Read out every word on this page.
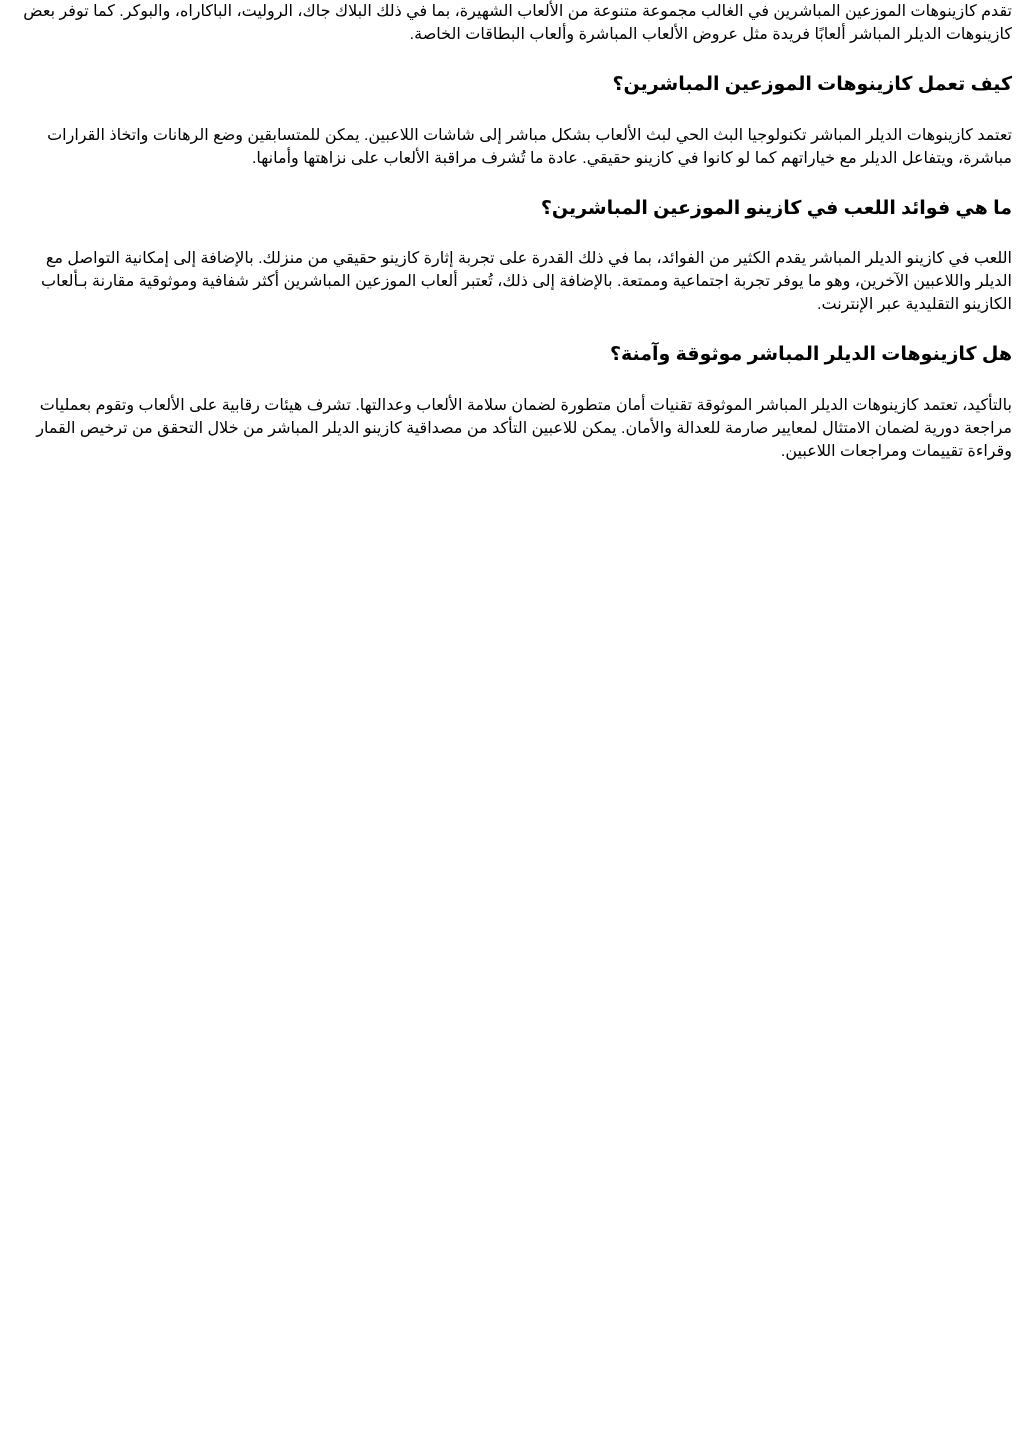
تقدم كازينوهات الموزعين المباشرين في الغالب مجموعة متنوعة من الألعاب الشهيرة، بما في ذلك البلاك جاك، الروليت، الباكاراه، والبوكر. كما توفر بعض كازينوهات الديلر المباشر ألعابًا فريدة مثل عروض الألعاب المباشرة وألعاب البطاقات الخاصة.

كيف تعمل كازينوهات الموزعين المباشرين؟

تعتمد كازينوهات الديلر المباشر تكنولوجيا البث الحي لبث الألعاب بشكل مباشر إلى شاشات اللاعبين. يمكن للمتسابقين وضع الرهانات واتخاذ القرارات مباشرة، ويتفاعل الديلر مع خياراتهم كما لو كانوا في كازينو حقيقي. عادة ما تُشرف مراقبة الألعاب على نزاهتها وأمانها.

ما هي فوائد اللعب في كازينو الموزعين المباشرين؟

اللعب في كازينو الديلر المباشر يقدم الكثير من الفوائد، بما في ذلك القدرة على تجربة إثارة كازينو حقيقي من منزلك. بالإضافة إلى إمكانية التواصل مع الديلر واللاعبين الآخرين، وهو ما يوفر تجربة اجتماعية وممتعة. بالإضافة إلى ذلك، تُعتبر ألعاب الموزعين المباشرين أكثر شفافية وموثوقية مقارنة بـألعاب الكازينو التقليدية عبر الإنترنت.

هل كازينوهات الديلر المباشر موثوقة وآمنة؟

بالتأكيد، تعتمد كازينوهات الديلر المباشر الموثوقة تقنيات أمان متطورة لضمان سلامة الألعاب وعدالتها. تشرف هيئات رقابية على الألعاب وتقوم بعمليات مراجعة دورية لضمان الامتثال لمعايير صارمة للعدالة والأمان. يمكن للاعبين التأكد من مصداقية كازينو الديلر المباشر من خلال التحقق من ترخيص القمار وقراءة تقييمات ومراجعات اللاعبين.
